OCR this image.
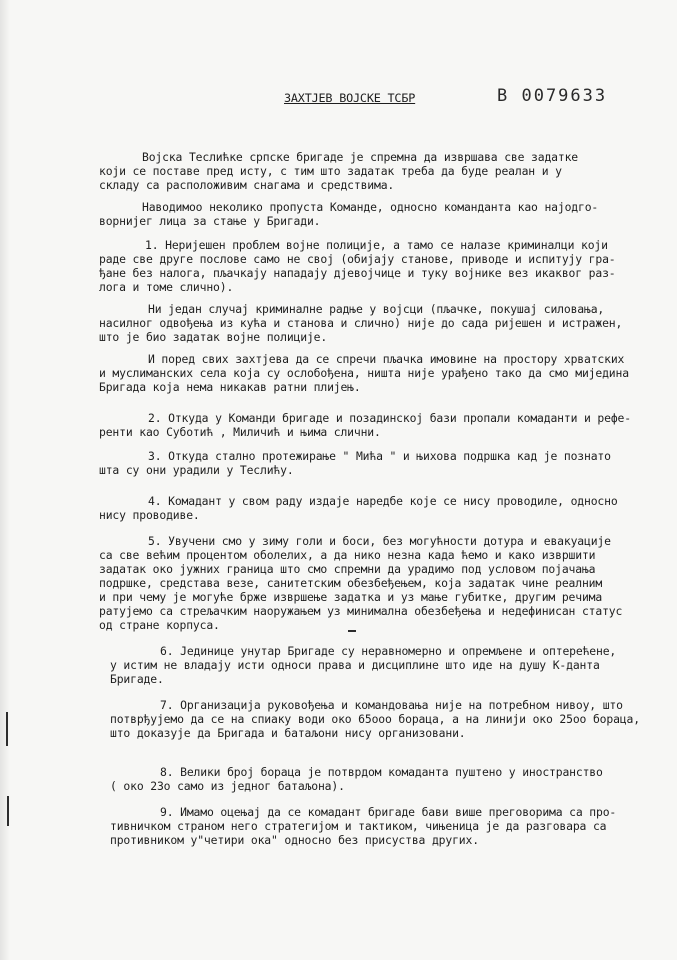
ЗАХТЈЕВ ВОЈСКЕ ТСБР	В 0079633
Војска Теслићке српске бригаде је спремна да извршава све задатке
који се поставе пред исту, с тим што задатак треба да буде реалан и у
складу са расположивим снагама и средствима.
Наводимоо неколико пропуста Команде, односно команданта као најодго-
ворнијег лица за стање у Бригади.
1. Неријешен проблем војне полиције, а тамо се налазе криминалци који
раде све друге послове само не свој (обијају станове, приводе и испитују гра-
ђане без налога, пљачкају нападају дјевојчице и туку војнике вез икаквог раз-
лога и томе слично).
Ни један случај криминалне радње у војсци (пљачке, покушај силовања,
насилног одвођења из кућа и станова и слично) није до сада ријешен и истражен,
што је био задатак војне полиције.
И поред свих захтјева да се спречи пљачка имовине на простору хрватских
и муслиманских села која су ослобођена, ништа није урађено тако да смо мијединa
Бригада која нема никакав ратни плијењ.
2. Откуда у Команди бригаде и позадинској бази пропали комаданти и рефе-
ренти као Суботић , Миличић и њима слични.
3. Откуда стално протежирање " Мића " и њихова подршка кад је познато
шта су они урадили у Теслићу.
4. Комадант у свом раду издаје наредбе које се нису проводиле, односно
нису проводиве.
5. Увучени смо у зиму голи и боси, без могућности дотура и евакуације
са све већим процентом оболелих, а да нико незна када ћемо и како извршити
задатак око јужних граница што смо спремни да урадимо под условом појачања
подршке, средстава везе, санитетским обезбеђењем, која задатак чине реалним
и при чему је могуће брже извршење задатка и уз мање губитке, другим речима
ратујемо са стрељачким наоружањем уз минимална обезбеђења и недефинисан статус
од стране корпуса.
6. Јединице унутар Бригаде су неравномерно и опремљене и оптерећене,
у истим не владају исти односи права и дисциплине што иде на душу К-данта
Бригаде.
7. Организација руковођења и командовања није на потребном нивоу, што
потврђујемо да се на спиаку води око 65ооо бораца, а на линији око 25оо бораца,
што доказује да Бригада и батаљони нису организовани.
8. Велики број бораца је потврдом комаданта пуштено у иностранство
( око 23о само из једног батаљона).
9. Имамо оцењај да се комадант бригаде бави више преговорима са про-
тивничком страном него стратегијом и тактиком, чињеница је да разговара са
противником у"четири ока" односно без присуства других.
